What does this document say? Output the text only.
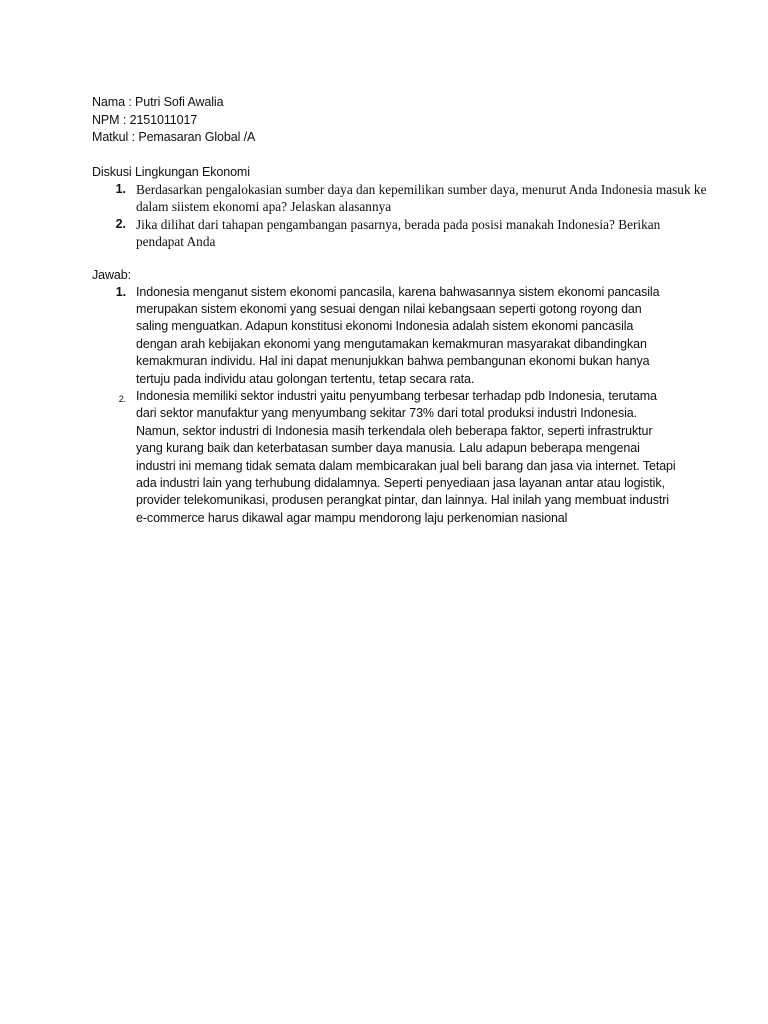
Nama : Putri Sofi Awalia
NPM : 2151011017
Matkul : Pemasaran Global /A
Diskusi Lingkungan Ekonomi
1. Berdasarkan pengalokasian sumber daya dan kepemilikan sumber daya, menurut Anda Indonesia masuk ke dalam siistem ekonomi apa? Jelaskan alasannya
2. Jika dilihat dari tahapan pengambangan pasarnya, berada pada posisi manakah Indonesia? Berikan pendapat Anda
Jawab:
1. Indonesia menganut sistem ekonomi pancasila, karena bahwasannya sistem ekonomi pancasila merupakan sistem ekonomi yang sesuai dengan nilai kebangsaan seperti gotong royong dan saling menguatkan. Adapun konstitusi ekonomi Indonesia adalah sistem ekonomi pancasila dengan arah kebijakan ekonomi yang mengutamakan kemakmuran masyarakat dibandingkan kemakmuran individu. Hal ini dapat menunjukkan bahwa pembangunan ekonomi bukan hanya tertuju pada individu atau golongan tertentu, tetap secara rata.
2. Indonesia memiliki sektor industri yaitu penyumbang terbesar terhadap pdb Indonesia, terutama dari sektor manufaktur yang menyumbang sekitar 73% dari total produksi industri Indonesia. Namun, sektor industri di Indonesia masih terkendala oleh beberapa faktor, seperti infrastruktur yang kurang baik dan keterbatasan sumber daya manusia. Lalu adapun beberapa mengenai industri ini memang tidak semata dalam membicarakan jual beli barang dan jasa via internet. Tetapi ada industri lain yang terhubung didalamnya. Seperti penyediaan jasa layanan antar atau logistik, provider telekomunikasi, produsen perangkat pintar, dan lainnya. Hal inilah yang membuat industri e-commerce harus dikawal agar mampu mendorong laju perkenomian nasional
